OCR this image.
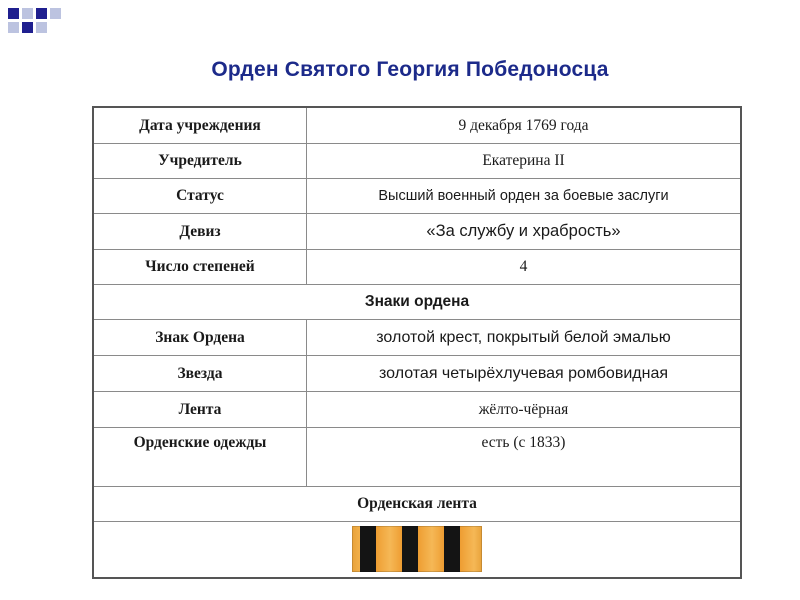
Орден Святого Георгия Победоносца
Дата учреждения	9 декабря 1769 года
Учредитель	Екатерина II
Статус	Высший военный орден за боевые заслуги
Девиз	«За службу и храбрость»
Число степеней	4
Знаки ордена	
Знак Ордена	золотой крест, покрытый белой эмалью
Звезда	золотая четырёхлучевая ромбовидная
Лента	жёлто-чёрная
Орденские одежды	есть (с 1833)
Орденская лента	
